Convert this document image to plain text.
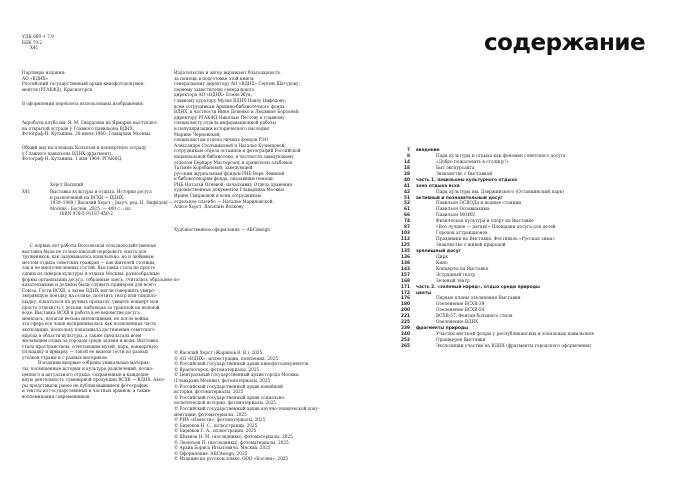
УДК 069 + 7.9
ББК 79.2
Х41
Партнеры издания:
АО «ВДНХ»
Российский государственный архив кинофотодокумен-
ментов (РГАКФД), Красногорск
В оформлении переплета использованы изображения:
Акробаты клуба им. Я. М. Свердлова на Ярмарке выступают
на открытой эстраде у Главного павильона ВДНХ.
Фотограф Н. Кутанина. 28 июня 1960. Главархив Москвы.
Общий вид на площадь Колхозов и концертную эстраду
у Главного павильона ВДНХ (фрагмент).
Фотограф Н. Кутанина. 1 мая 1964. РГАКФД.
Хорст Василий
Х41	Выставка культуры и отдыха. История досуга
и развлечений на ВСХВ — ВДНХ.
1939–1989 / Василий Хорст ; [науч. ред. Н. Нифёдов] —
Москва : Бослен, 2025. — 400 с. : ил.
ISBN 978-5-91187-450-2.
С первых лет работы Всесоюзная сельскохозяйственная
выставка была не только школой передового опыта для
тружеников, как задумывалось изначально, но и любимым
местом отдыха советских граждан — как жителей столицы,
так и ее многочисленных гостей. Выставка стала не просто
одним из скверов культуры и отдыха Москвы: разнообразные
формы организации досуга, собранные здесь, считались образцово-по-
казательными и должны были служить примером для всего
Союза. Гости ВСХВ, а затем ВДНХ могли совершить умиро-
творяющую поездку на ослике, посетить театр или танцпло-
щадку, покататься на ручных прокатах, увидеть концерт или
просто отдохнуть с детьми, наблюдая за трапезой на вольной
воде. Выставка ВСХВ и работа в ее ведомстве досуга
менялась, полагая весьма интенсивным, но после войны
эта сфера все чаще воспринималась как полноценная часть
экспозиции, поскольку показывала достижения советского
народа в области культуры, а также предлагала всем
желающим отдых за городом среди зелени и воды. Выставка
стала пространством, сочетающим музей, парк, концертную
площадку и ярмарку — такой ее видели гости из разных
уголков страны и с разных материков.
В издании впервые собраны уникальные материа-
лы, посвященные истории и культуре развлечений, полна-
ценного и актуального отдыха, сохраненные в каждодне-
вную деятельность сувенирной продукции ВСХВ — ВДНХ. Авто-
ры представили ранее не публиковавшиеся фотографии
и тексты из государственных и частных архивов, а также
воспоминания современников.
Издательство и автор выражают благодарность
за помощь в подготовке этой книги:
генеральному директору АО «ВДНХ» Сергею Шатурову;
первому заместителю генерального
директора АО «ВДНХ» Елене Жук;
главному куратору Музея ВДНХ Павлу Нифёдову;
всем сотрудникам Архивно-библиотечного фонда
ВДНХ, в частности Инне Доценко и Людмиле Борзовой;
директору РГАКФД Николаю Пестову и главному
специалисту отдела информационной работы
и популяризации исторического наследия
Марине Черновской;
специалистам отдела личных фондов РЭО
Александре Стольниковой и Наталье Кузнецовой;
сотрудникам отдела эстампов и фотографий Российской
национальной библиотеки, в частности заведующему
отделом Бернару Мастерсону и хранителю альбомов
Татьяне Коробановой; заведующей
русским журнальным фондом РНБ Вере Левиной
и библиотекарям фонда, оказавшим помощь
РНБ Натальи Огневой; начальнику Отдела хранения
художественных документов Главархива Москвы
Ирине Смирновой и всем сотрудникам,
отдельное спасибо — Наталье Мариновской,
Алисе Хорст, Василию Волкову
Художественное оформление — ABCdesign
© Василий Хорст (Жарянов В. В.), 2025
© АО «ВДНХ», иллюстрации, пояснения, 2025
© Российский государственный архив кинофотодокументов
© Красногорск, фотоматериалы, 2025
© Центральный государственный архив города Москвы
(Главархив Москвы), фотоматериалы, 2025
© Российский государственный архив новейшей
истории, фотоматериалы, 2025
© Российский государственный архив социально-
политической истории, фотоматериалы, 2025
© Российский государственный архив научно-технической доку-
ментации, фотоматериалы, 2025
© РИА «Новости», фотоматериалы, 2025
© Бирюков Н. С., иллюстрации, 2025
© Бирюков Г. А., иллюстрации, 2025
© Шиянов Н. М. (наследники), фотоматериалы, 2025
© Леонтьев П. (наследники), фотоматериалы, 2025
© Архив Бориса Игнатовича, Москва, 2025
© Оформление. ABCdesign, 2025
© Издание на русском языке. ООО «Бослен», 2025
содержание
7 введение
8	Парк культуры и отдыха как феномен советского досуга
14	«Добро пожаловать в столицу!»
18	Быт экскурсанта
28	Знакомство с Выставкой
40 часть 1. павильоны культурного отдыха
41 зона отдыха всхв
42	Парк культуры им. Дзержинского (Останкинский парк)
51 активный и познавательный досуг
52	Павильон ОСВОДа и водные станции
61	Павильон Осоавиахима
66	Павильон МОИП
74	Физическая культура и спорт на Выставке
87	«Все лучшее — детям!» Площадки досуга для детей
103	Городок аттракционов
112	Праздники на Выставке. Фестиваль «Русская зима»
125	Знакомство с живой природой
135 зрелищный досуг
136	Цирк
138	Кино
143	Концерты на Выставке
157	Эстрадный театр
168	Зеленый театр
171 часть 2. «зеленый наряд», отдых среди природы
172 цветы
176	Первые планы озеленения Выставки
180	Озеленение ВСХВ-39
200	Озеленение ВСХВ-54
221	ВСХВ-57. Фонтан большого стиля
225	Озеленение ВДНХ
239 фрагменты природы
240	Участки местной флоры у республиканских и зональных павильонов
252	Оранжерея Выставки
265	Экспозиции участки на ВДНХ (фрагменты городского оформления)
